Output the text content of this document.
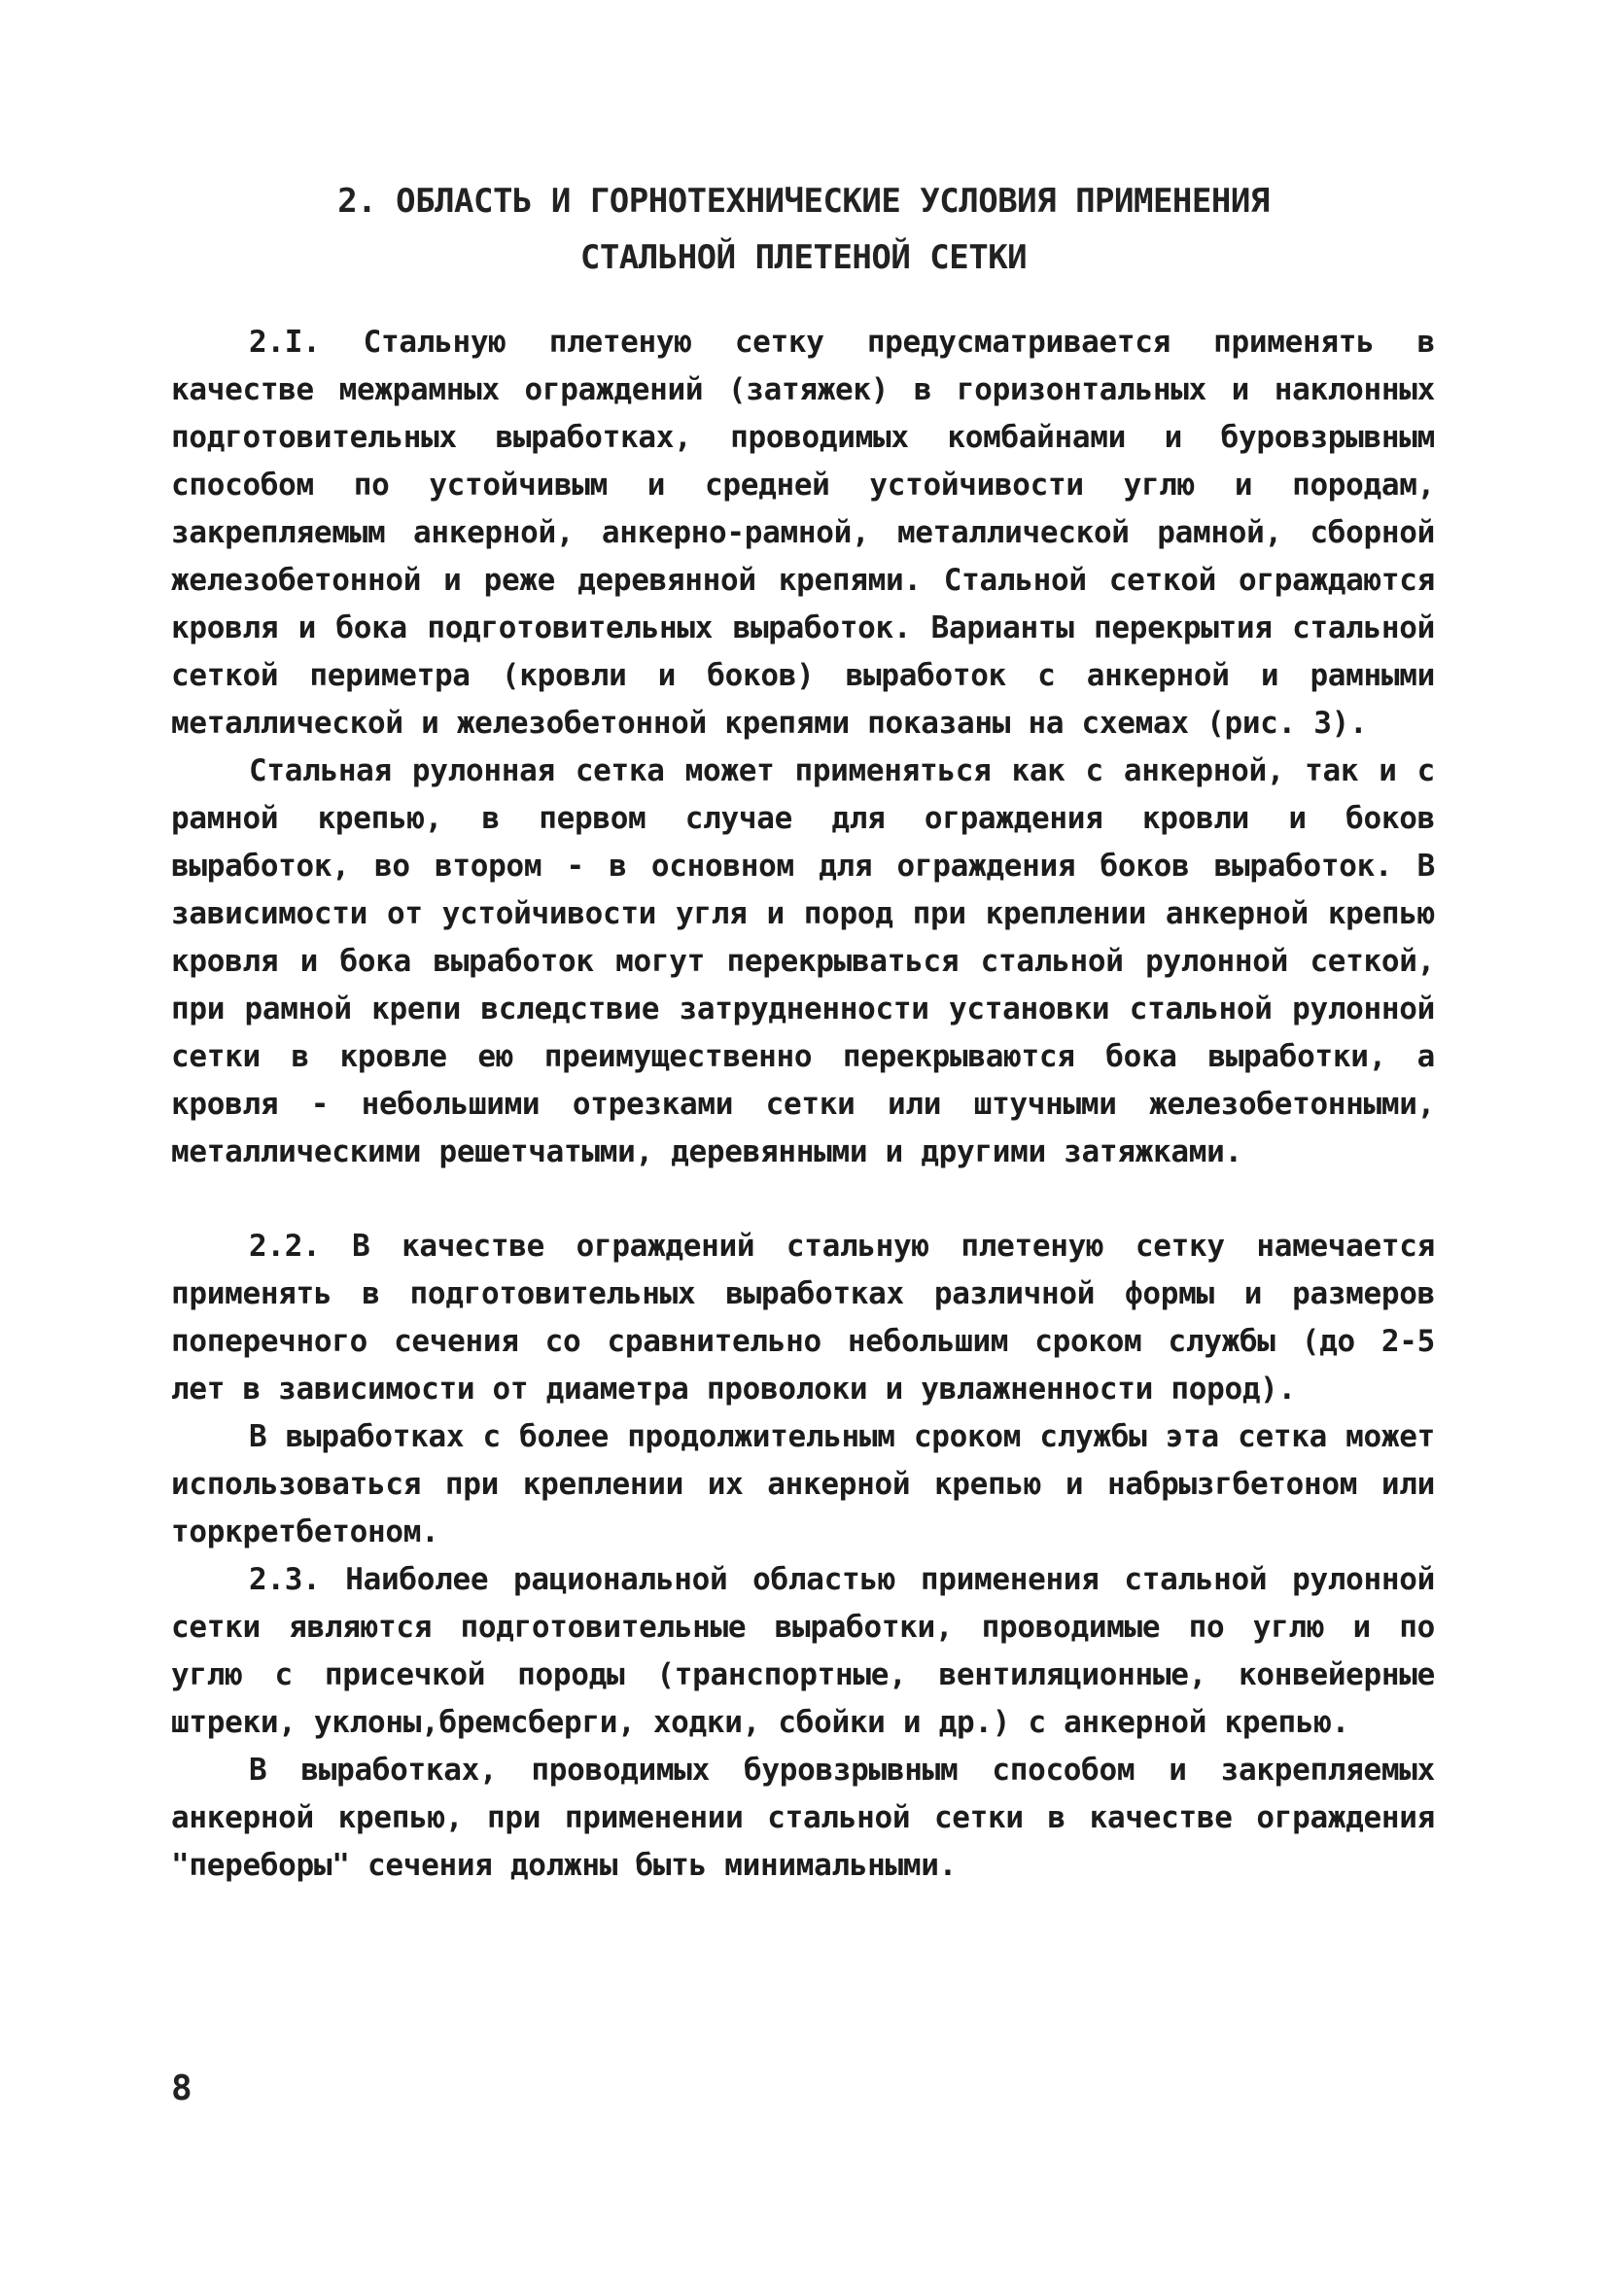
2. ОБЛАСТЬ И ГОРНОТЕХНИЧЕСКИЕ УСЛОВИЯ ПРИМЕНЕНИЯ
СТАЛЬНОЙ ПЛЕТЕНОЙ СЕТКИ

2.I. Стальную плетеную сетку предусматривается применять в качестве межрамных ограждений (затяжек) в горизонтальных и наклонных подготовительных выработках, проводимых комбайнами и буровзрывным способом по устойчивым и средней устойчивости углю и породам, закрепляемым анкерной, анкерно-рамной, металлической рамной, сборной железобетонной и реже деревянной крепями. Стальной сеткой ограждаются кровля и бока подготовительных выработок. Варианты перекрытия стальной сеткой периметра (кровли и боков) выработок с анкерной и рамными металлической и железобетонной крепями показаны на схемах (рис. 3).

Стальная рулонная сетка может применяться как с анкерной, так и с рамной крепью, в первом случае для ограждения кровли и боков выработок, во втором - в основном для ограждения боков выработок. В зависимости от устойчивости угля и пород при креплении анкерной крепью кровля и бока выработок могут перекрываться стальной рулонной сеткой, при рамной крепи вследствие затрудненности установки стальной рулонной сетки в кровле ею преимущественно перекрываются бока выработки, а кровля - небольшими отрезками сетки или штучными железобетонными, металлическими решетчатыми, деревянными и другими затяжками.

2.2. В качестве ограждений стальную плетеную сетку намечается применять в подготовительных выработках различной формы и размеров поперечного сечения со сравнительно небольшим сроком службы (до 2-5 лет в зависимости от диаметра проволоки и увлажненности пород).

В выработках с более продолжительным сроком службы эта сетка может использоваться при креплении их анкерной крепью и набрызгбетоном или торкретбетоном.

2.3. Наиболее рациональной областью применения стальной рулонной сетки являются подготовительные выработки, проводимые по углю и по углю с присечкой породы (транспортные, вентиляционные, конвейерные штреки, уклоны,бремсберги, ходки, сбойки и др.) с анкерной крепью.

В выработках, проводимых буровзрывным способом и закрепляемых анкерной крепью, при применении стальной сетки в качестве ограждения "переборы" сечения должны быть минимальными.

8
